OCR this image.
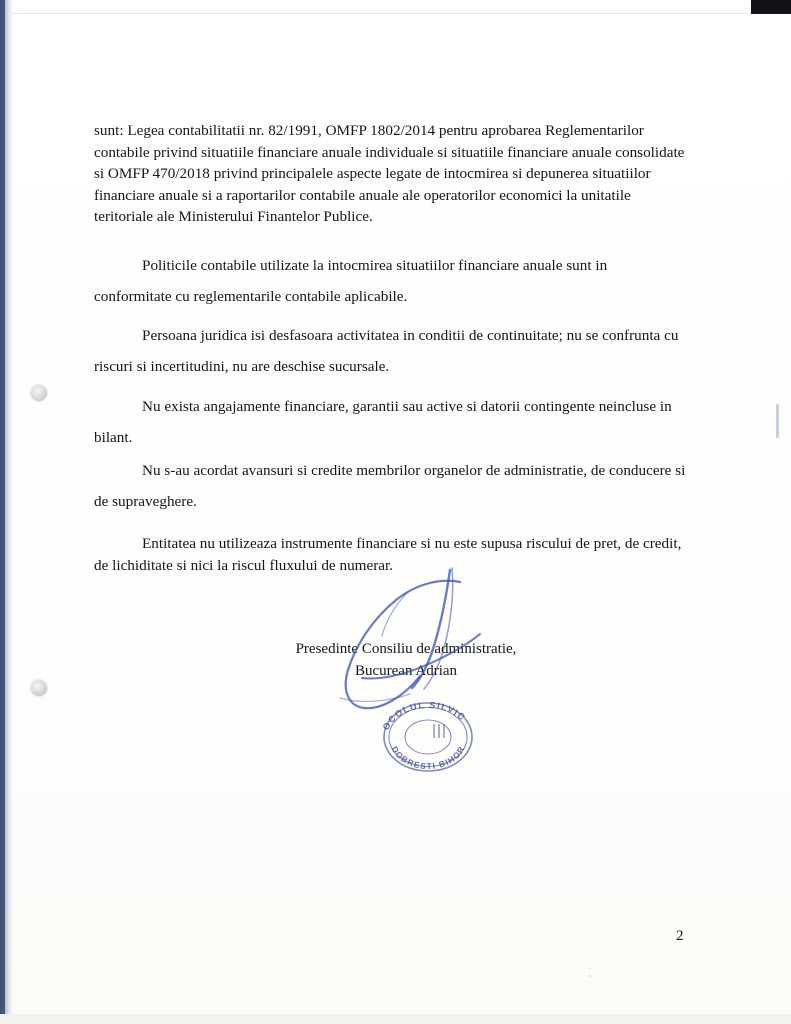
sunt: Legea contabilitatii nr. 82/1991, OMFP 1802/2014 pentru aprobarea Reglementarilor contabile privind situatiile financiare anuale individuale si situatiile financiare anuale consolidate si OMFP 470/2018 privind principalele aspecte legate de intocmirea si depunerea situatiilor financiare anuale si a raportarilor contabile anuale ale operatorilor economici la unitatile teritoriale ale Ministerului Finantelor Publice.

Politicile contabile utilizate la intocmirea situatiilor financiare anuale sunt in conformitate cu reglementarile contabile aplicabile.

Persoana juridica isi desfasoara activitatea in conditii de continuitate; nu se confrunta cu riscuri si incertitudini, nu are deschise sucursale.

Nu exista angajamente financiare, garantii sau active si datorii contingente neincluse in bilant.

Nu s-au acordat avansuri si credite membrilor organelor de administratie, de conducere si de supraveghere.

Entitatea nu utilizeaza instrumente financiare si nu este supusa riscului de pret, de credit, de lichiditate si nici la riscul fluxului de numerar.

Presedinte Consiliu de administratie,
Bucurean Adrian
OCOLUL SILVIC
DOBRESTI BIHOR
2
⁚
